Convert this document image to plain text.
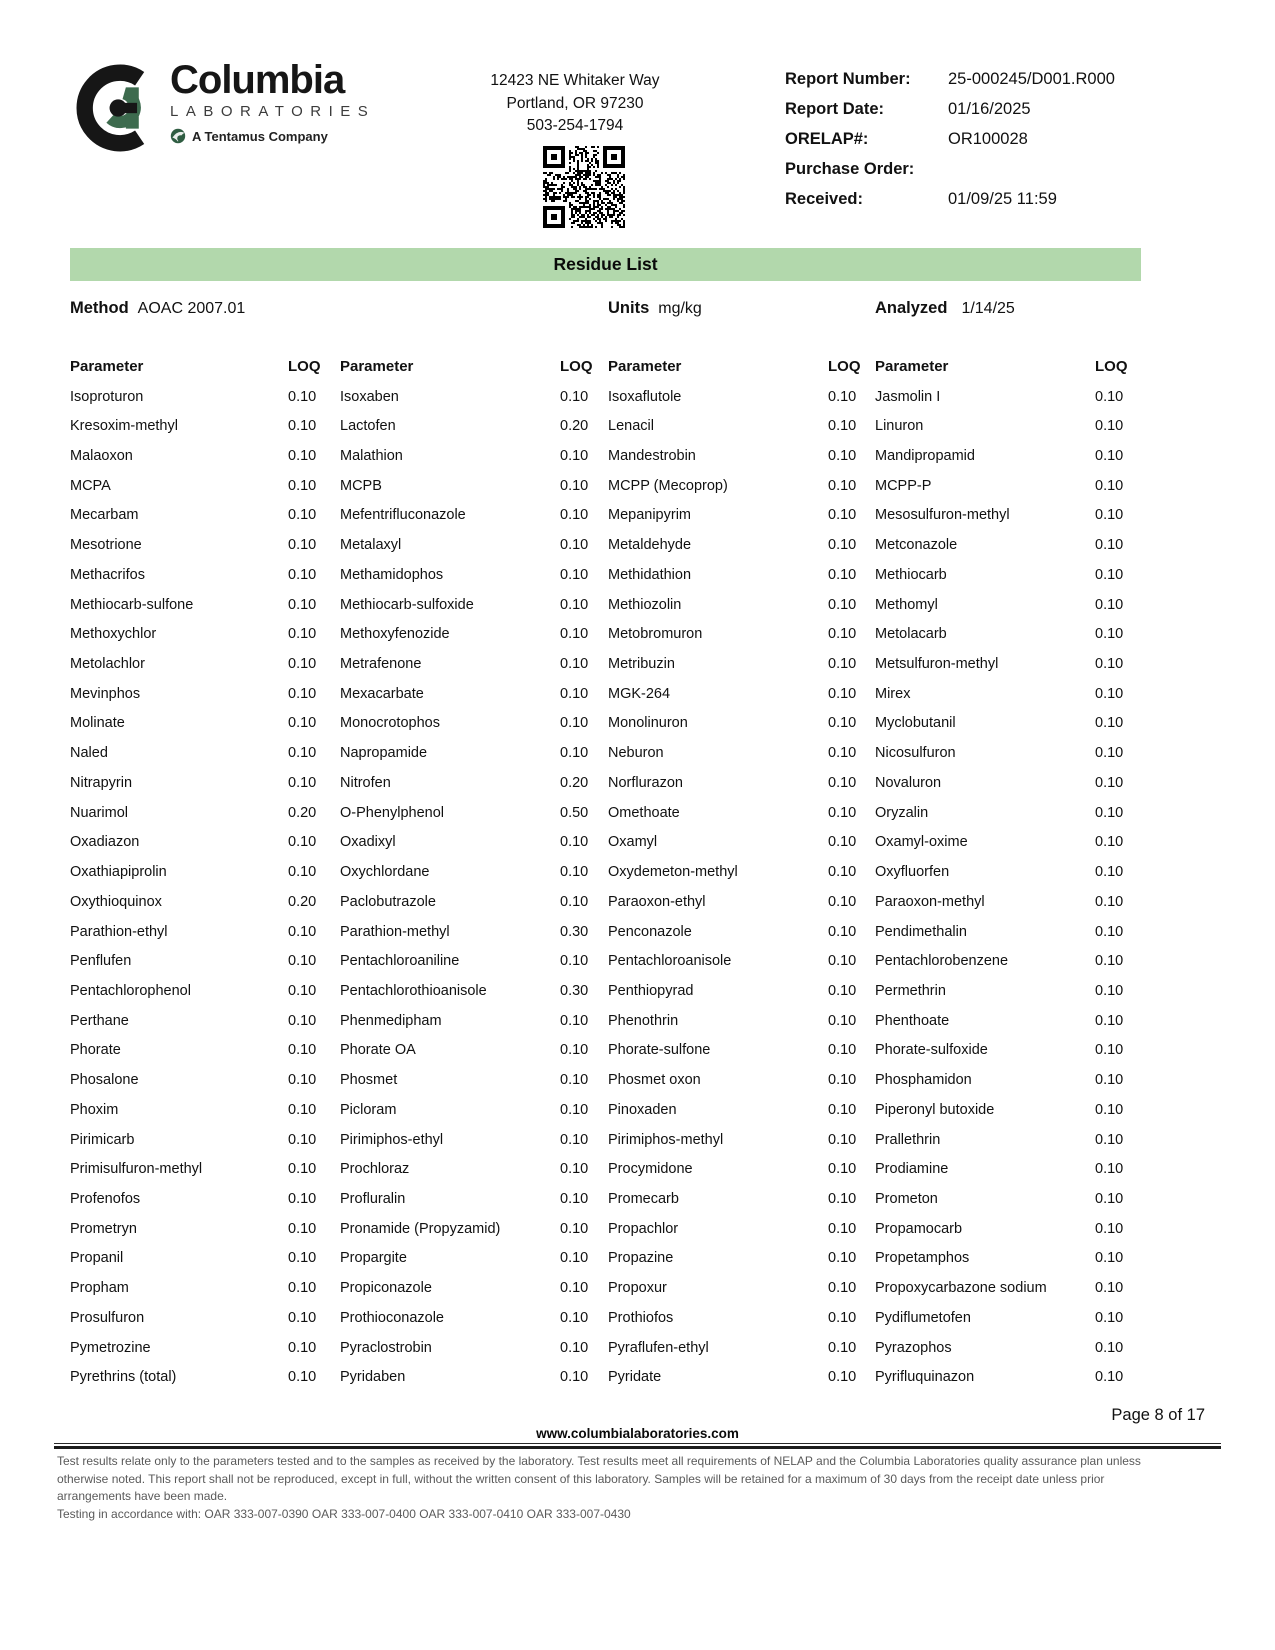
Columbia
LABORATORIES
A Tentamus Company
12423 NE Whitaker Way
Portland, OR 97230
503-254-1794
Report Number:	25-000245/D001.R000
Report Date:	01/16/2025
ORELAP#:	OR100028
Purchase Order:
Received:	01/09/25 11:59
Residue List
Method AOAC 2007.01	Units mg/kg	Analyzed 1/14/25
Parameter	LOQ	Parameter	LOQ	Parameter	LOQ Parameter	LOQ
Isoproturon	0.10	Isoxaben	0.10	Isoxaflutole	0.10	Jasmolin I	0.10
Kresoxim-methyl	0.10	Lactofen	0.20	Lenacil	0.10	Linuron	0.10
Malaoxon	0.10	Malathion	0.10	Mandestrobin	0.10	Mandipropamid	0.10
MCPA	0.10	MCPB	0.10	MCPP (Mecoprop)	0.10	MCPP-P	0.10
Mecarbam	0.10	Mefentrifluconazole	0.10	Mepanipyrim	0.10	Mesosulfuron-methyl	0.10
Mesotrione	0.10	Metalaxyl	0.10	Metaldehyde	0.10	Metconazole	0.10
Methacrifos	0.10	Methamidophos	0.10	Methidathion	0.10	Methiocarb	0.10
Methiocarb-sulfone	0.10	Methiocarb-sulfoxide	0.10	Methiozolin	0.10	Methomyl	0.10
Methoxychlor	0.10	Methoxyfenozide	0.10	Metobromuron	0.10	Metolacarb	0.10
Metolachlor	0.10	Metrafenone	0.10	Metribuzin	0.10	Metsulfuron-methyl	0.10
Mevinphos	0.10	Mexacarbate	0.10	MGK-264	0.10	Mirex	0.10
Molinate	0.10	Monocrotophos	0.10	Monolinuron	0.10	Myclobutanil	0.10
Naled	0.10	Napropamide	0.10	Neburon	0.10	Nicosulfuron	0.10
Nitrapyrin	0.10	Nitrofen	0.20	Norflurazon	0.10	Novaluron	0.10
Nuarimol	0.20	O-Phenylphenol	0.50	Omethoate	0.10	Oryzalin	0.10
Oxadiazon	0.10	Oxadixyl	0.10	Oxamyl	0.10	Oxamyl-oxime	0.10
Oxathiapiprolin	0.10	Oxychlordane	0.10	Oxydemeton-methyl	0.10	Oxyfluorfen	0.10
Oxythioquinox	0.20	Paclobutrazole	0.10	Paraoxon-ethyl	0.10	Paraoxon-methyl	0.10
Parathion-ethyl	0.10	Parathion-methyl	0.30	Penconazole	0.10	Pendimethalin	0.10
Penflufen	0.10	Pentachloroaniline	0.10	Pentachloroanisole	0.10	Pentachlorobenzene	0.10
Pentachlorophenol	0.10	Pentachlorothioanisole	0.30	Penthiopyrad	0.10	Permethrin	0.10
Perthane	0.10	Phenmedipham	0.10	Phenothrin	0.10	Phenthoate	0.10
Phorate	0.10	Phorate OA	0.10	Phorate-sulfone	0.10	Phorate-sulfoxide	0.10
Phosalone	0.10	Phosmet	0.10	Phosmet oxon	0.10	Phosphamidon	0.10
Phoxim	0.10	Picloram	0.10	Pinoxaden	0.10	Piperonyl butoxide	0.10
Pirimicarb	0.10	Pirimiphos-ethyl	0.10	Pirimiphos-methyl	0.10	Prallethrin	0.10
Primisulfuron-methyl	0.10	Prochloraz	0.10	Procymidone	0.10	Prodiamine	0.10
Profenofos	0.10	Profluralin	0.10	Promecarb	0.10	Prometon	0.10
Prometryn	0.10	Pronamide (Propyzamid)	0.10	Propachlor	0.10	Propamocarb	0.10
Propanil	0.10	Propargite	0.10	Propazine	0.10	Propetamphos	0.10
Propham	0.10	Propiconazole	0.10	Propoxur	0.10	Propoxycarbazone sodium	0.10
Prosulfuron	0.10	Prothioconazole	0.10	Prothiofos	0.10	Pydiflumetofen	0.10
Pymetrozine	0.10	Pyraclostrobin	0.10	Pyraflufen-ethyl	0.10	Pyrazophos	0.10
Pyrethrins (total)	0.10	Pyridaben	0.10	Pyridate	0.10	Pyrifluquinazon	0.10
Page 8 of 17
www.columbialaboratories.com
Test results relate only to the parameters tested and to the samples as received by the laboratory. Test results meet all requirements of NELAP and the Columbia Laboratories quality assurance plan unless otherwise noted. This report shall not be reproduced, except in full, without the written consent of this laboratory. Samples will be retained for a maximum of 30 days from the receipt date unless prior arrangements have been made.
Testing in accordance with: OAR 333-007-0390 OAR 333-007-0400 OAR 333-007-0410 OAR 333-007-0430
